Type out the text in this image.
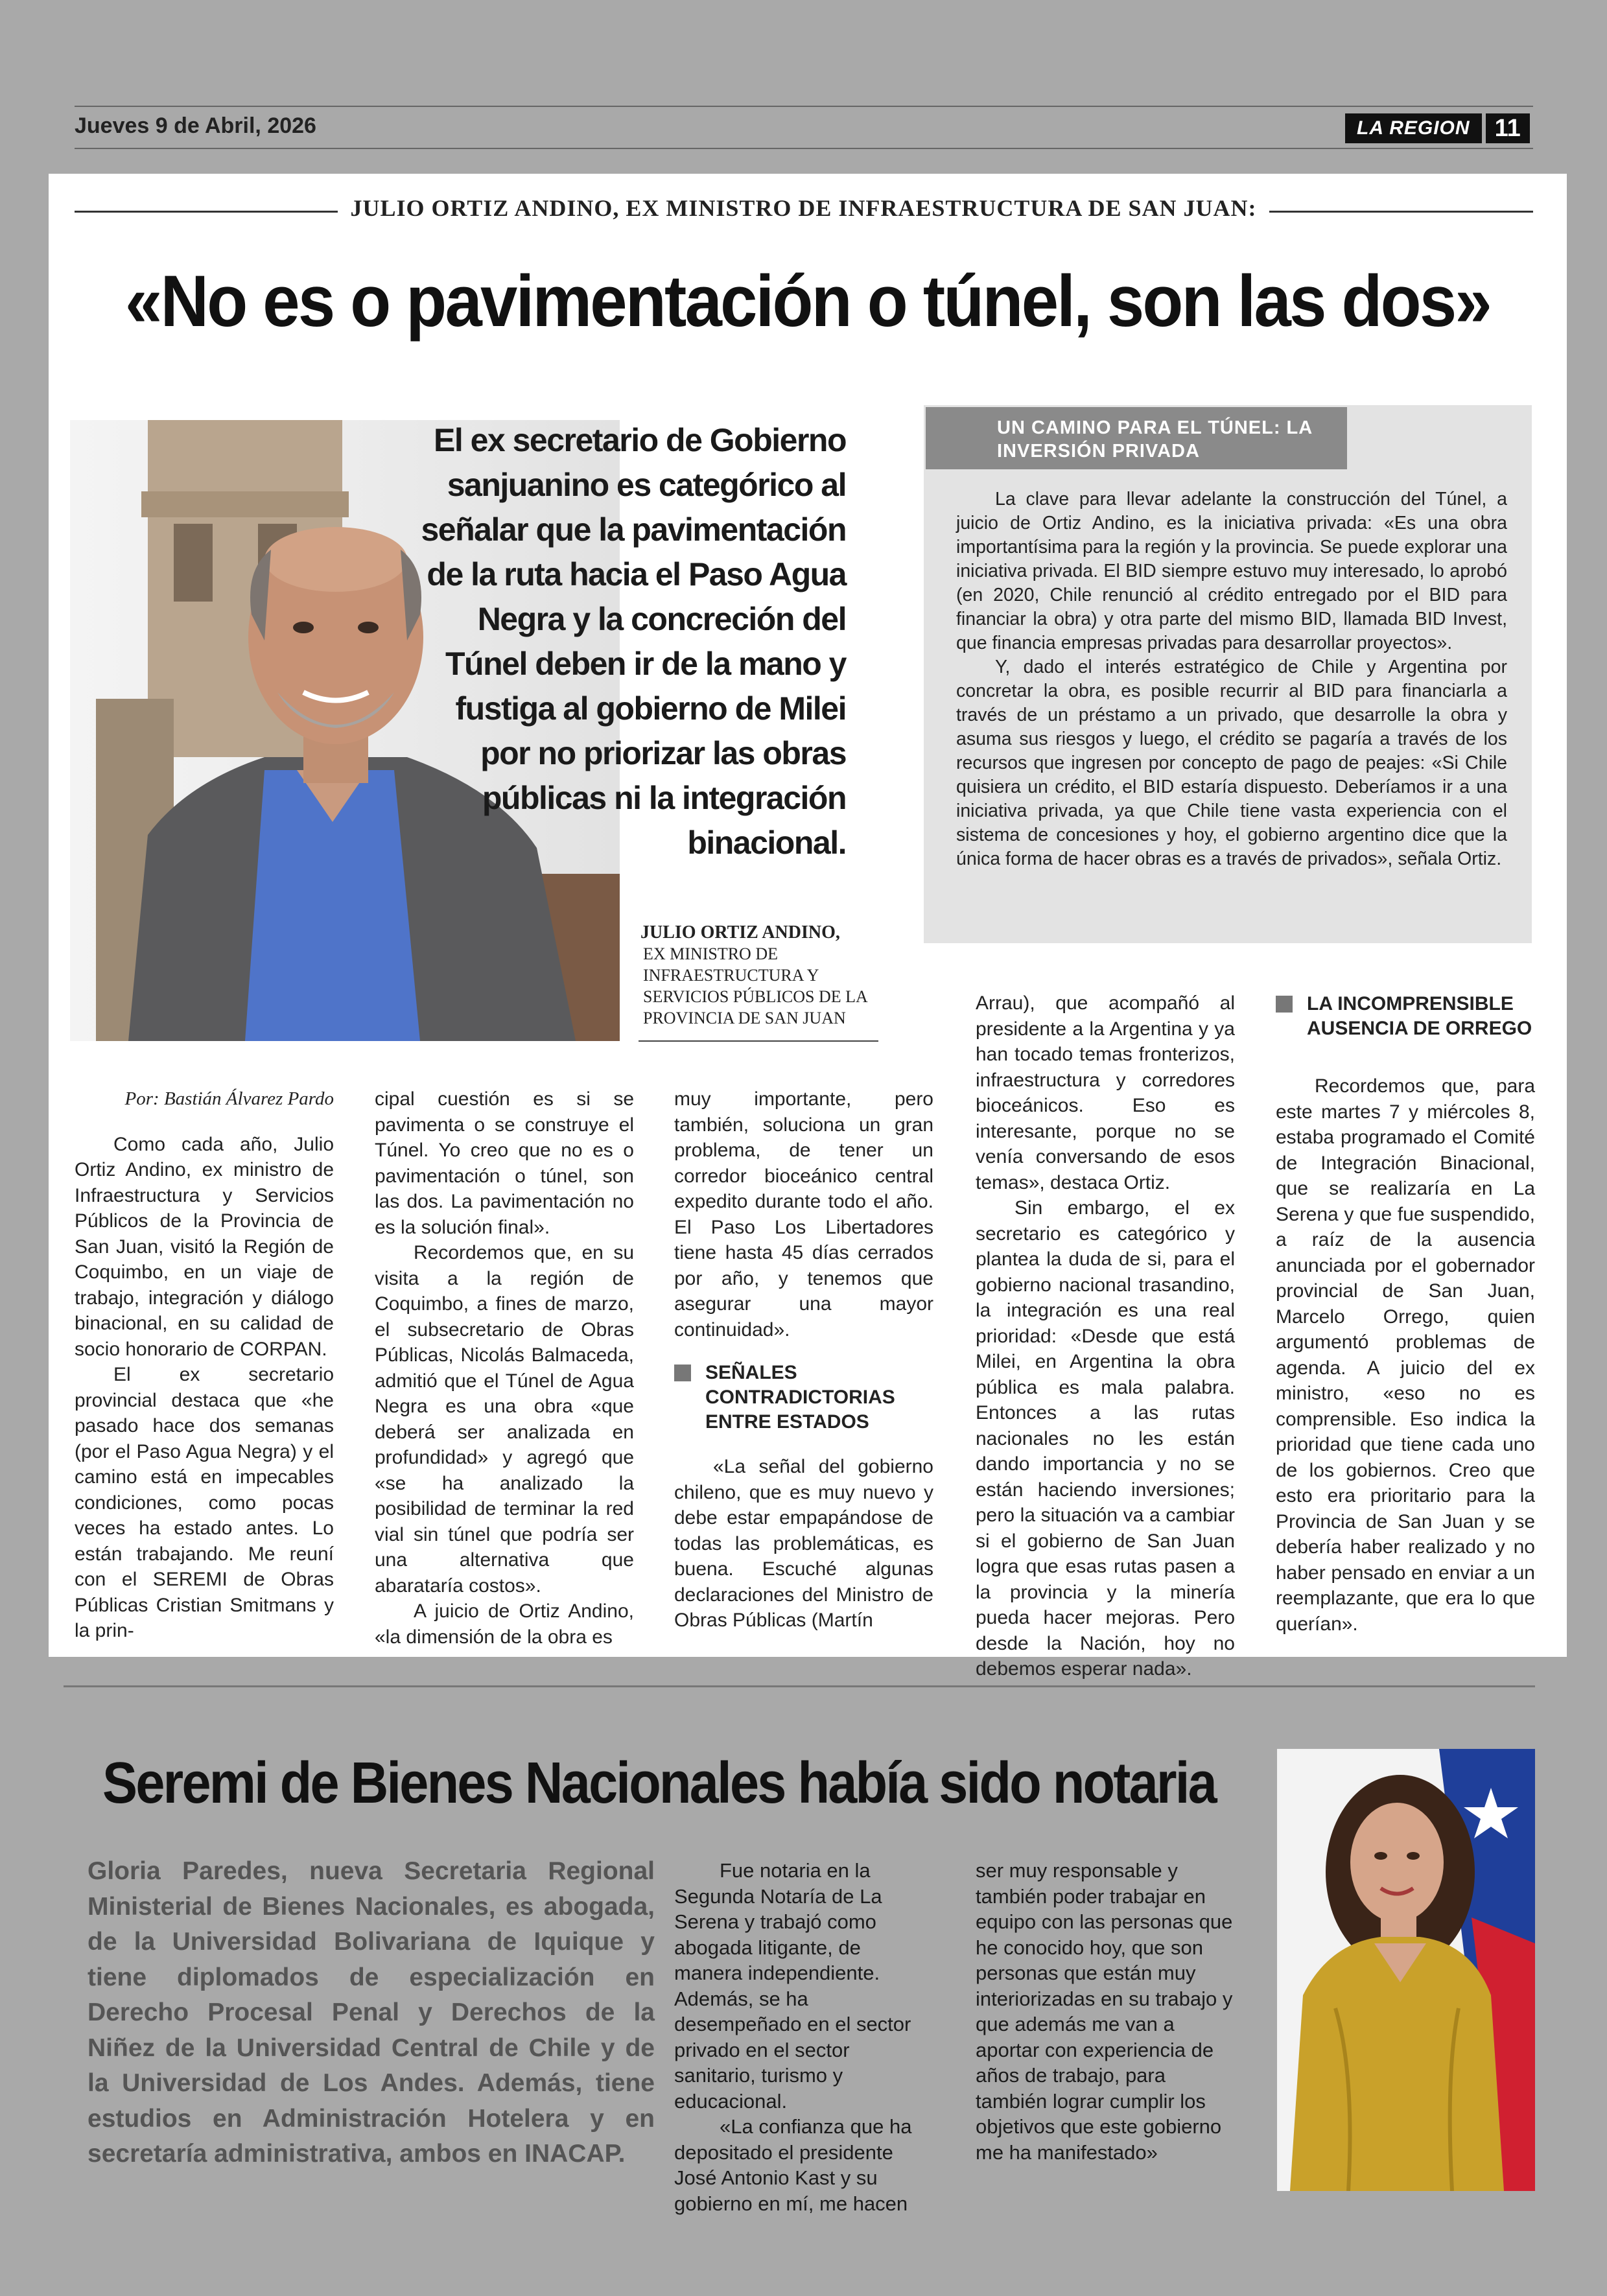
Jueves 9 de Abril, 2026	LA REGION	11
JULIO ORTIZ ANDINO, EX MINISTRO DE INFRAESTRUCTURA DE SAN JUAN:
«No es o pavimentación o túnel, son las dos»
El ex secretario de Gobierno sanjuanino es categórico al señalar que la pavimentación de la ruta hacia el Paso Agua Negra y la concreción del Túnel deben ir de la mano y fustiga al gobierno de Milei por no priorizar las obras públicas ni la integración binacional.
JULIO ORTIZ ANDINO,
EX MINISTRO DE INFRAESTRUCTURA Y SERVICIOS PÚBLICOS DE LA PROVINCIA DE SAN JUAN
UN CAMINO PARA EL TÚNEL: LA INVERSIÓN PRIVADA

La clave para llevar adelante la construcción del Túnel, a juicio de Ortiz Andino, es la iniciativa privada: «Es una obra importantísima para la región y la provincia. Se puede explorar una iniciativa privada. El BID siempre estuvo muy interesado, lo aprobó (en 2020, Chile renunció al crédito entregado por el BID para financiar la obra) y otra parte del mismo BID, llamada BID Invest, que financia empresas privadas para desarrollar proyectos».

Y, dado el interés estratégico de Chile y Argentina por concretar la obra, es posible recurrir al BID para financiarla a través de un préstamo a un privado, que desarrolle la obra y asuma sus riesgos y luego, el crédito se pagaría a través de los recursos que ingresen por concepto de pago de peajes: «Si Chile quisiera un crédito, el BID estaría dispuesto. Deberíamos ir a una iniciativa privada, ya que Chile tiene vasta experiencia con el sistema de concesiones y hoy, el gobierno argentino dice que la única forma de hacer obras es a través de privados», señala Ortiz.

Por: Bastián Álvarez Pardo

Como cada año, Julio Ortiz Andino, ex ministro de Infraestructura y Servicios Públicos de la Provincia de San Juan, visitó la Región de Coquimbo, en un viaje de trabajo, integración y diálogo binacional, en su calidad de socio honorario de CORPAN.

El ex secretario provincial destaca que «he pasado hace dos semanas (por el Paso Agua Negra) y el camino está en impecables condiciones, como pocas veces ha estado antes. Lo están trabajando. Me reuní con el SEREMI de Obras Públicas Cristian Smitmans y la prin-

cipal cuestión es si se pavimenta o se construye el Túnel. Yo creo que no es o pavimentación o túnel, son las dos. La pavimentación no es la solución final».

Recordemos que, en su visita a la región de Coquimbo, a fines de marzo, el subsecretario de Obras Públicas, Nicolás Balmaceda, admitió que el Túnel de Agua Negra es una obra «que deberá ser analizada en profundidad» y agregó que «se ha analizado la posibilidad de terminar la red vial sin túnel que podría ser una alternativa que abarataría costos».

A juicio de Ortiz Andino, «la dimensión de la obra es

muy importante, pero también, soluciona un gran problema, de tener un corredor bioceánico central expedito durante todo el año. El Paso Los Libertadores tiene hasta 45 días cerrados por año, y tenemos que asegurar una mayor continuidad».

SEÑALES CONTRADICTORIAS ENTRE ESTADOS

«La señal del gobierno chileno, que es muy nuevo y debe estar empapándose de todas las problemáticas, es buena. Escuché algunas declaraciones del Ministro de Obras Públicas (Martín

Arrau), que acompañó al presidente a la Argentina y ya han tocado temas fronterizos, infraestructura y corredores bioceánicos. Eso es interesante, porque no se venía conversando de esos temas», destaca Ortiz.

Sin embargo, el ex secretario es categórico y plantea la duda de si, para el gobierno nacional trasandino, la integración es una real prioridad: «Desde que está Milei, en Argentina la obra pública es mala palabra. Entonces a las rutas nacionales no les están dando importancia y no se están haciendo inversiones; pero la situación va a cambiar si el gobierno de San Juan logra que esas rutas pasen a la provincia y la minería pueda hacer mejoras. Pero desde la Nación, hoy no debemos esperar nada».

LA INCOMPRENSIBLE AUSENCIA DE ORREGO

Recordemos que, para este martes 7 y miércoles 8, estaba programado el Comité de Integración Binacional, que se realizaría en La Serena y que fue suspendido, a raíz de la ausencia anunciada por el gobernador provincial de San Juan, Marcelo Orrego, quien argumentó problemas de agenda. A juicio del ex ministro, «eso no es comprensible. Eso indica la prioridad que tiene cada uno de los gobiernos. Creo que esto era prioritario para la Provincia de San Juan y se debería haber realizado y no haber pensado en enviar a un reemplazante, que era lo que querían».

Seremi de Bienes Nacionales había sido notaria
Gloria Paredes, nueva Secretaria Regional Ministerial de Bienes Nacionales, es abogada, de la Universidad Bolivariana de Iquique y tiene diplomados de especialización en Derecho Procesal Penal y Derechos de la Niñez de la Universidad Central de Chile y de la Universidad de Los Andes. Además, tiene estudios en Administración Hotelera y en secretaría administrativa, ambos en INACAP.

Fue notaria en la Segunda Notaría de La Serena y trabajó como abogada litigante, de manera independiente. Además, se ha desempeñado en el sector privado en el sector sanitario, turismo y educacional.

«La confianza que ha depositado el presidente José Antonio Kast y su gobierno en mí, me hacen

ser muy responsable y también poder trabajar en equipo con las personas que he conocido hoy, que son personas que están muy interiorizadas en su trabajo y que además me van a aportar con experiencia de años de trabajo, para también lograr cumplir los objetivos que este gobierno me ha manifestado»
